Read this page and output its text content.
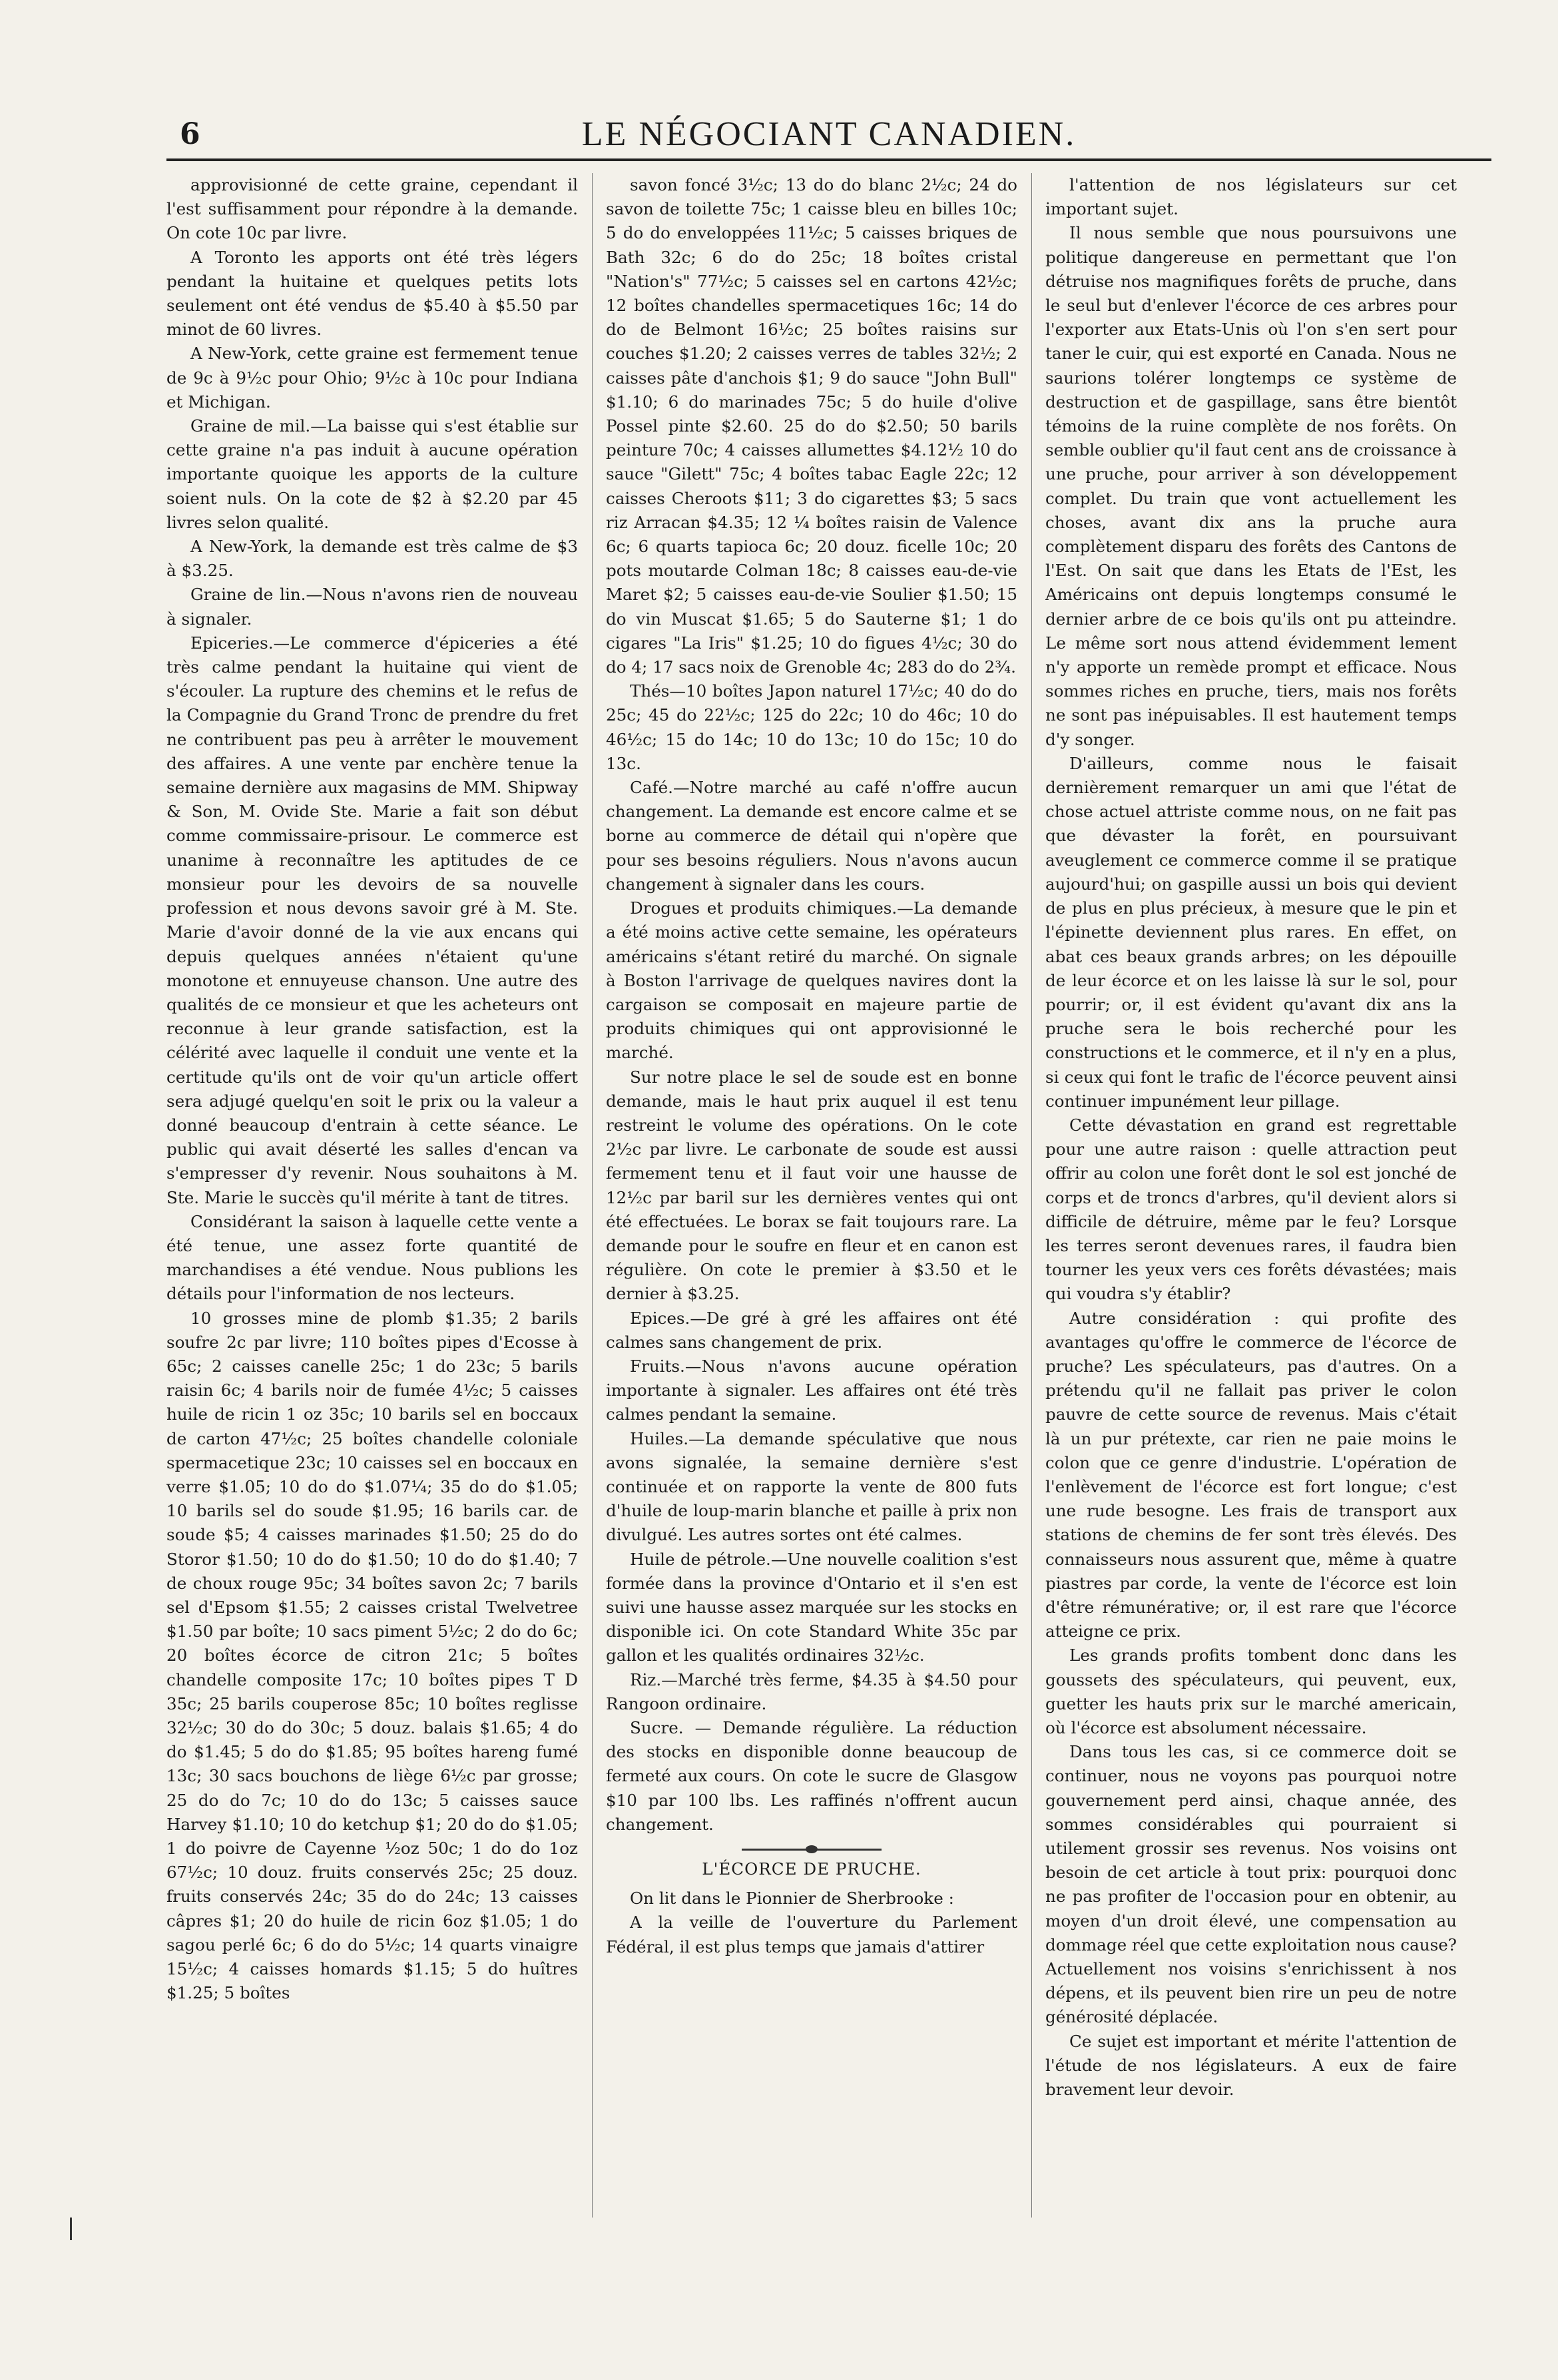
6	LE NÉGOCIANT CANADIEN.

approvisionné de cette graine, cependant il l'est suffisamment pour répondre à la demande. On cote 10c par livre.

A Toronto les apports ont été très légers pendant la huitaine et quelques petits lots seulement ont été vendus de $5.40 à $5.50 par minot de 60 livres.

A New-York, cette graine est fermement tenue de 9c à 9½c pour Ohio; 9½c à 10c pour Indiana et Michigan.

Graine de mil.—La baisse qui s'est établie sur cette graine n'a pas induit à aucune opération importante quoique les apports de la culture soient nuls. On la cote de $2 à $2.20 par 45 livres selon qualité.

A New-York, la demande est très calme de $3 à $3.25.

Graine de lin.—Nous n'avons rien de nouveau à signaler.

Epiceries.—Le commerce d'épiceries a été très calme pendant la huitaine qui vient de s'écouler. La rupture des chemins et le refus de la Compagnie du Grand Tronc de prendre du fret ne contribuent pas peu à arrêter le mouvement des affaires. A une vente par enchère tenue la semaine dernière aux magasins de MM. Shipway & Son, M. Ovide Ste. Marie a fait son début comme commissaire-prisour. Le commerce est unanime à reconnaître les aptitudes de ce monsieur pour les devoirs de sa nouvelle profession et nous devons savoir gré à M. Ste. Marie d'avoir donné de la vie aux encans qui depuis quelques années n'étaient qu'une monotone et ennuyeuse chanson. Une autre des qualités de ce monsieur et que les acheteurs ont reconnue à leur grande satisfaction, est la célérité avec laquelle il conduit une vente et la certitude qu'ils ont de voir qu'un article offert sera adjugé quelqu'en soit le prix ou la valeur a donné beaucoup d'entrain à cette séance. Le public qui avait déserté les salles d'encan va s'empresser d'y revenir. Nous souhaitons à M. Ste. Marie le succès qu'il mérite à tant de titres.

Considérant la saison à laquelle cette vente a été tenue, une assez forte quantité de marchandises a été vendue. Nous publions les détails pour l'information de nos lecteurs.

10 grosses mine de plomb $1.35; 2 barils soufre 2c par livre; 110 boîtes pipes d'Ecosse à 65c; 2 caisses canelle 25c; 1 do 23c; 5 barils raisin 6c; 4 barils noir de fumée 4½c; 5 caisses huile de ricin 1 oz 35c; 10 barils sel en boccaux de carton 47½c; 25 boîtes chandelle coloniale spermacetique 23c; 10 caisses sel en boccaux en verre $1.05; 10 do do $1.07¼; 35 do do $1.05; 10 barils sel do soude $1.95; 16 barils car. de soude $5; 4 caisses marinades $1.50; 25 do do Storor $1.50; 10 do do $1.50; 10 do do $1.40; 7 de choux rouge 95c; 34 boîtes savon 2c; 7 barils sel d'Epsom $1.55; 2 caisses cristal Twelvetree $1.50 par boîte; 10 sacs piment 5½c; 2 do do 6c; 20 boîtes écorce de citron 21c; 5 boîtes chandelle composite 17c; 10 boîtes pipes T D 35c; 25 barils couperose 85c; 10 boîtes reglisse 32½c; 30 do do 30c; 5 douz. balais $1.65; 4 do do $1.45; 5 do do $1.85; 95 boîtes hareng fumé 13c; 30 sacs bouchons de liège 6½c par grosse; 25 do do 7c; 10 do do 13c; 5 caisses sauce Harvey $1.10; 10 do ketchup $1; 20 do do $1.05; 1 do poivre de Cayenne ½oz 50c; 1 do do 1oz 67½c; 10 douz. fruits conservés 25c; 25 douz. fruits conservés 24c; 35 do do 24c; 13 caisses câpres $1; 20 do huile de ricin 6oz $1.05; 1 do sagou perlé 6c; 6 do do 5½c; 14 quarts vinaigre 15½c; 4 caisses homards $1.15; 5 do huîtres $1.25; 5 boîtes

savon foncé 3½c; 13 do do blanc 2½c; 24 do savon de toilette 75c; 1 caisse bleu en billes 10c; 5 do do enveloppées 11½c; 5 caisses briques de Bath 32c; 6 do do 25c; 18 boîtes cristal "Nation's" 77½c; 5 caisses sel en cartons 42½c; 12 boîtes chandelles spermacetiques 16c; 14 do do de Belmont 16½c; 25 boîtes raisins sur couches $1.20; 2 caisses verres de tables 32½; 2 caisses pâte d'anchois $1; 9 do sauce "John Bull" $1.10; 6 do marinades 75c; 5 do huile d'olive Possel pinte $2.60. 25 do do $2.50; 50 barils peinture 70c; 4 caisses allumettes $4.12½ 10 do sauce "Gilett" 75c; 4 boîtes tabac Eagle 22c; 12 caisses Cheroots $11; 3 do cigarettes $3; 5 sacs riz Arracan $4.35; 12 ¼ boîtes raisin de Valence 6c; 6 quarts tapioca 6c; 20 douz. ficelle 10c; 20 pots moutarde Colman 18c; 8 caisses eau-de-vie Maret $2; 5 caisses eau-de-vie Soulier $1.50; 15 do vin Muscat $1.65; 5 do Sauterne $1; 1 do cigares "La Iris" $1.25; 10 do figues 4½c; 30 do do 4; 17 sacs noix de Grenoble 4c; 283 do do 2¾.

Thés—10 boîtes Japon naturel 17½c; 40 do do 25c; 45 do 22½c; 125 do 22c; 10 do 46c; 10 do 46½c; 15 do 14c; 10 do 13c; 10 do 15c; 10 do 13c.

Café.—Notre marché au café n'offre aucun changement. La demande est encore calme et se borne au commerce de détail qui n'opère que pour ses besoins réguliers. Nous n'avons aucun changement à signaler dans les cours.

Drogues et produits chimiques.—La demande a été moins active cette semaine, les opérateurs américains s'étant retiré du marché. On signale à Boston l'arrivage de quelques navires dont la cargaison se composait en majeure partie de produits chimiques qui ont approvisionné le marché.

Sur notre place le sel de soude est en bonne demande, mais le haut prix auquel il est tenu restreint le volume des opérations. On le cote 2½c par livre. Le carbonate de soude est aussi fermement tenu et il faut voir une hausse de 12½c par baril sur les dernières ventes qui ont été effectuées. Le borax se fait toujours rare. La demande pour le soufre en fleur et en canon est régulière. On cote le premier à $3.50 et le dernier à $3.25.

Epices.—De gré à gré les affaires ont été calmes sans changement de prix.

Fruits.—Nous n'avons aucune opération importante à signaler. Les affaires ont été très calmes pendant la semaine.

Huiles.—La demande spéculative que nous avons signalée, la semaine dernière s'est continuée et on rapporte la vente de 800 futs d'huile de loup-marin blanche et paille à prix non divulgué. Les autres sortes ont été calmes.

Huile de pétrole.—Une nouvelle coalition s'est formée dans la province d'Ontario et il s'en est suivi une hausse assez marquée sur les stocks en disponible ici. On cote Standard White 35c par gallon et les qualités ordinaires 32½c.

Riz.—Marché très ferme, $4.35 à $4.50 pour Rangoon ordinaire.

Sucre. — Demande régulière. La réduction des stocks en disponible donne beaucoup de fermeté aux cours. On cote le sucre de Glasgow $10 par 100 lbs. Les raffinés n'offrent aucun changement.

L'ÉCORCE DE PRUCHE.

On lit dans le Pionnier de Sherbrooke :

A la veille de l'ouverture du Parlement Fédéral, il est plus temps que jamais d'attirer

l'attention de nos législateurs sur cet important sujet.

Il nous semble que nous poursuivons une politique dangereuse en permettant que l'on détruise nos magnifiques forêts de pruche, dans le seul but d'enlever l'écorce de ces arbres pour l'exporter aux Etats-Unis où l'on s'en sert pour taner le cuir, qui est exporté en Canada. Nous ne saurions tolérer longtemps ce système de destruction et de gaspillage, sans être bientôt témoins de la ruine complète de nos forêts. On semble oublier qu'il faut cent ans de croissance à une pruche, pour arriver à son développement complet. Du train que vont actuellement les choses, avant dix ans la pruche aura complètement disparu des forêts des Cantons de l'Est. On sait que dans les Etats de l'Est, les Américains ont depuis longtemps consumé le dernier arbre de ce bois qu'ils ont pu atteindre. Le même sort nous attend évidemment lement n'y apporte un remède prompt et efficace. Nous sommes riches en pruche, tiers, mais nos forêts ne sont pas inépuisables. Il est hautement temps d'y songer.

D'ailleurs, comme nous le faisait dernièrement remarquer un ami que l'état de chose actuel attriste comme nous, on ne fait pas que dévaster la forêt, en poursuivant aveuglement ce commerce comme il se pratique aujourd'hui; on gaspille aussi un bois qui devient de plus en plus précieux, à mesure que le pin et l'épinette deviennent plus rares. En effet, on abat ces beaux grands arbres; on les dépouille de leur écorce et on les laisse là sur le sol, pour pourrir; or, il est évident qu'avant dix ans la pruche sera le bois recherché pour les constructions et le commerce, et il n'y en a plus, si ceux qui font le trafic de l'écorce peuvent ainsi continuer impunément leur pillage.

Cette dévastation en grand est regrettable pour une autre raison : quelle attraction peut offrir au colon une forêt dont le sol est jonché de corps et de troncs d'arbres, qu'il devient alors si difficile de détruire, même par le feu? Lorsque les terres seront devenues rares, il faudra bien tourner les yeux vers ces forêts dévastées; mais qui voudra s'y établir?

Autre considération : qui profite des avantages qu'offre le commerce de l'écorce de pruche? Les spéculateurs, pas d'autres. On a prétendu qu'il ne fallait pas priver le colon pauvre de cette source de revenus. Mais c'était là un pur prétexte, car rien ne paie moins le colon que ce genre d'industrie. L'opération de l'enlèvement de l'écorce est fort longue; c'est une rude besogne. Les frais de transport aux stations de chemins de fer sont très élevés. Des connaisseurs nous assurent que, même à quatre piastres par corde, la vente de l'écorce est loin d'être rémunérative; or, il est rare que l'écorce atteigne ce prix.

Les grands profits tombent donc dans les goussets des spéculateurs, qui peuvent, eux, guetter les hauts prix sur le marché americain, où l'écorce est absolument nécessaire.

Dans tous les cas, si ce commerce doit se continuer, nous ne voyons pas pourquoi notre gouvernement perd ainsi, chaque année, des sommes considérables qui pourraient si utilement grossir ses revenus. Nos voisins ont besoin de cet article à tout prix: pourquoi donc ne pas profiter de l'occasion pour en obtenir, au moyen d'un droit élevé, une compensation au dommage réel que cette exploitation nous cause? Actuellement nos voisins s'enrichissent à nos dépens, et ils peuvent bien rire un peu de notre générosité déplacée.

Ce sujet est important et mérite l'attention de l'étude de nos législateurs. A eux de faire bravement leur devoir.
